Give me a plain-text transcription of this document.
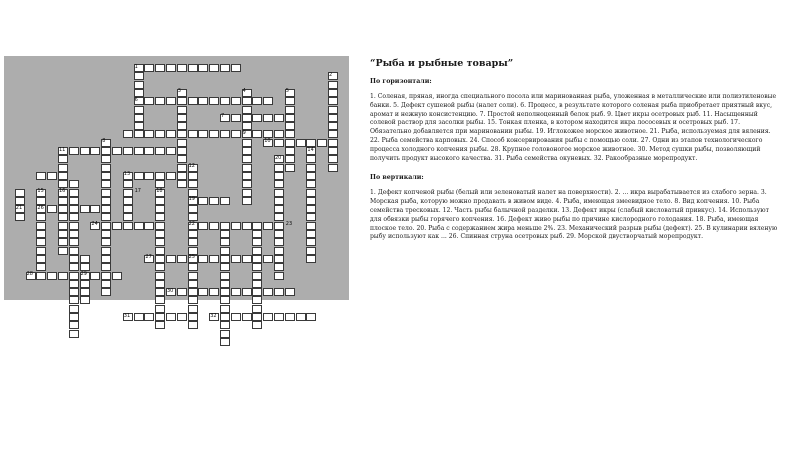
1
2
3	4	5
6
7
8
9
10
11
12
13
14
15	16	17	18
19
20
21
22	23
24
25
26
27
28	29
30
31	32
“Рыба и рыбные товары”
По горизонтали:
1. Соленая, пряная, иногда специального посола или маринованная рыба, уложенная в металлические или полиэтиленовые банки. 5. Дефект сушеной рыбы (налет соли). 6. Процесс, в результате которого соленая рыба приобретает приятный вкус, аромат и нежную консистенцию. 7. Простой неполноценный белок рыб. 9. Цвет икры осетровых рыб. 11. Насыщенный солевой раствор для засолки рыбы. 15. Тонкая пленка, в котором находится икра лососевых и осетровых рыб. 17. Обязательно добавляется при мариновании рыбы. 19. Иглокожее морское животное. 21. Рыба, используемая для вяления. 22. Рыба семейства карповых. 24. Способ консервирования рыбы с помощью соли. 27. Одни из этапов технологического процесса холодного копчения рыбы. 28. Крупное головоногое морское животное. 30. Метод сушки рыбы, позволяющий получить продукт высокого качества. 31. Рыба семейства окуневых. 32. Ракообразные морепродукт.
По вертикали:
1. Дефект копченой рыбы (белый или зеленоватый налет на поверхности). 2. ... икра вырабатывается из слабого зерна. 3. Морская рыба, которую можно продавать в живом виде. 4. Рыба, имеющая змеевидное тело. 8. Вид копчения. 10. Рыба семейства тресковых. 12. Часть рыбы балычной разделки. 13. Дефект икры (слабый кисловатый привкус). 14. Используют для обвязки рыбы горячего копчения. 16. Дефект живо рыбы по причине кислородного голодания. 18. Рыба, имеющая плоское тело. 20. Рыба с содержанием жира меньше 2%. 23. Механический разрыв рыбы (дефект). 25. В кулинарии вяленую рыбу используют как ... 26. Спинная струна осетровых рыб. 29. Морской двустворчатый морепродукт.
